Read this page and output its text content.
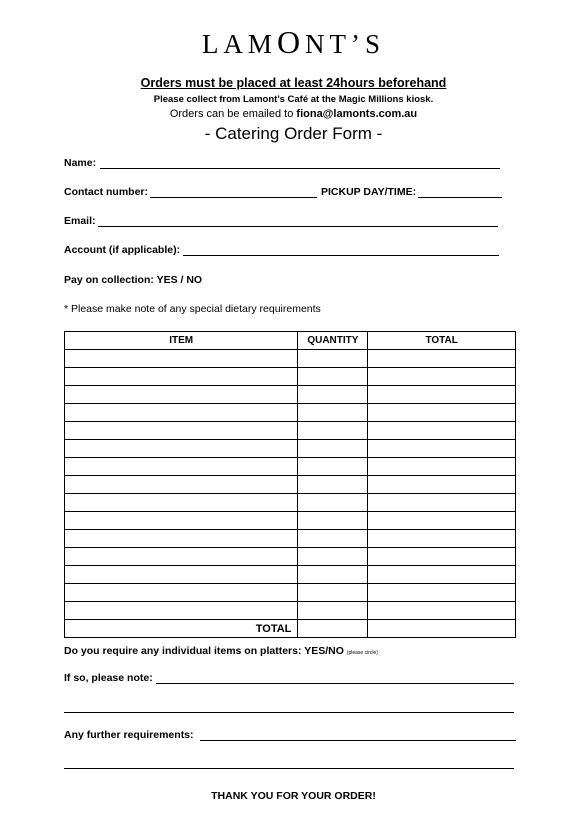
LAMONT’S
Orders must be placed at least 24hours beforehand
Please collect from Lamont’s Café at the Magic Millions kiosk.
Orders can be emailed to fiona@lamonts.com.au
- Catering Order Form -
Name:
Contact number:	PICKUP DAY/TIME:
Email:
Account (if applicable):
Pay on collection: YES / NO
* Please make note of any special dietary requirements
ITEM	QUANTITY	TOTAL

TOTAL		
Do you require any individual items on platters: YES/NO (please circle)
If so, please note:
Any further requirements:
THANK YOU FOR YOUR ORDER!
